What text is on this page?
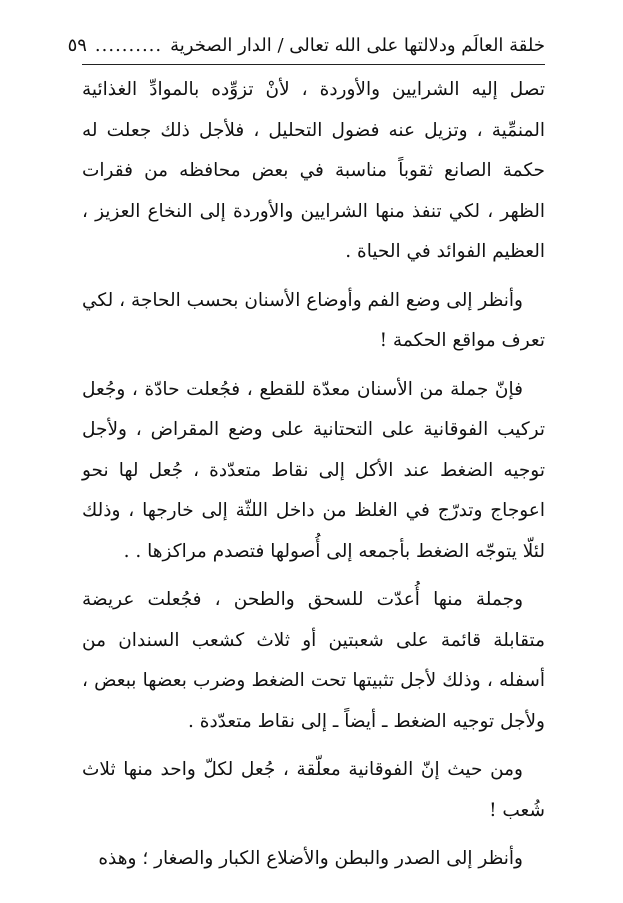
خلقة العالَم ودلالتها على الله تعالى / الدار الصخرية
..........
٥٩

تصل إليه الشرايين والأوردة ، لأنْ تزوِّده بالموادِّ الغذائية المنمِّية ، وتزيل عنه فضول التحليل ، فلأجل ذلك جعلت له حكمة الصانع ثقوباً مناسبة في بعض محافظه من فقرات الظهر ، لكي تنفذ منها الشرايين والأوردة إلى النخاع العزيز ، العظيم الفوائد في الحياة .

وأنظر إلى وضع الفم وأوضاع الأسنان بحسب الحاجة ، لكي تعرف مواقع الحكمة !

فإنّ جملة من الأسنان معدّة للقطع ، فجُعلت حادّة ، وجُعل تركيب الفوقانية على التحتانية على وضع المقراض ، ولأجل توجيه الضغط عند الأكل إلى نقاط متعدّدة ، جُعل لها نحو اعوجاج وتدرّج في الغلظ من داخل اللثّة إلى خارجها ، وذلك لئلّا يتوجّه الضغط بأجمعه إلى أُصولها فتصدم مراكزها . .

وجملة منها أُعدّت للسحق والطحن ، فجُعلت عريضة متقابلة قائمة على شعبتين أو ثلاث كشعب السندان من أسفله ، وذلك لأجل تثبيتها تحت الضغط وضرب بعضها ببعض ، ولأجل توجيه الضغط ـ أيضاً ـ إلى نقاط متعدّدة .

ومن حيث إنّ الفوقانية معلّقة ، جُعل لكلّ واحد منها ثلاث شُعب !

وأنظر إلى الصدر والبطن والأضلاع الكبار والصغار ؛ وهذه
